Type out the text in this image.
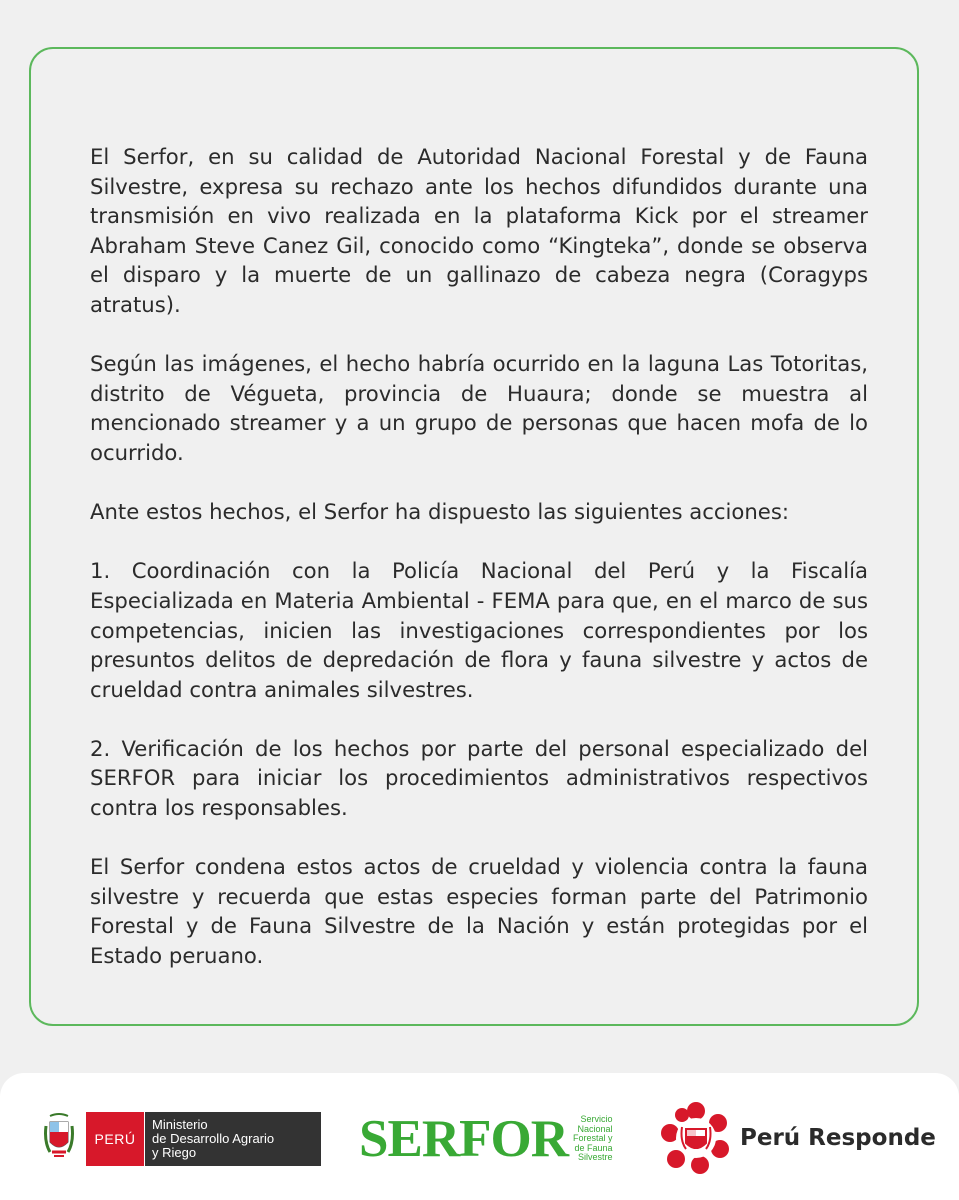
El Serfor, en su calidad de Autoridad Nacional Forestal y de Fauna Silvestre, expresa su rechazo ante los hechos difundidos durante una transmisión en vivo realizada en la plataforma Kick por el streamer Abraham Steve Canez Gil, conocido como “Kingteka”, donde se observa el disparo y la muerte de un gallinazo de cabeza negra (Coragyps atratus).

Según las imágenes, el hecho habría ocurrido en la laguna Las Totoritas, distrito de Végueta, provincia de Huaura; donde se muestra al mencionado streamer y a un grupo de personas que hacen mofa de lo ocurrido.

Ante estos hechos, el Serfor ha dispuesto las siguientes acciones:

1. Coordinación con la Policía Nacional del Perú y la Fiscalía Especializada en Materia Ambiental - FEMA para que, en el marco de sus competencias, inicien las investigaciones correspondientes por los presuntos delitos de depredación de flora y fauna silvestre y actos de crueldad contra animales silvestres.

2. Verificación de los hechos por parte del personal especializado del SERFOR para iniciar los procedimientos administrativos respectivos contra los responsables.

El Serfor condena estos actos de crueldad y violencia contra la fauna silvestre y recuerda que estas especies forman parte del Patrimonio Forestal y de Fauna Silvestre de la Nación y están protegidas por el Estado peruano.

PERÚ
Ministerio
de Desarrollo Agrario
y Riego	SERFOR	Servicio
Nacional
Forestal y
de Fauna
Silvestre
Perú Responde
